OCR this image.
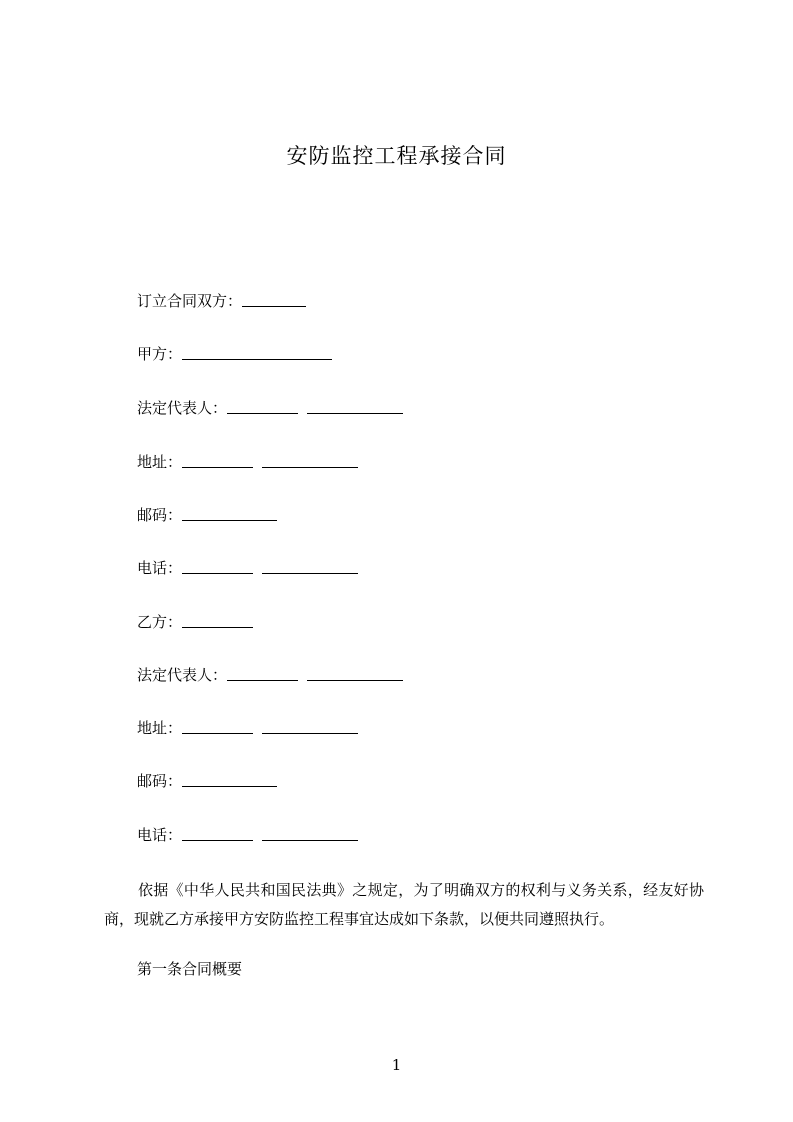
安防监控工程承接合同
订立合同双方：
甲方：
法定代表人：
地址：
邮码：
电话：
乙方：
法定代表人：
地址：
邮码：
电话：

依据《中华人民共和国民法典》之规定，为了明确双方的权利与义务关系，经友好协商，现就乙方承接甲方安防监控工程事宜达成如下条款，以便共同遵照执行。

第一条合同概要
1
